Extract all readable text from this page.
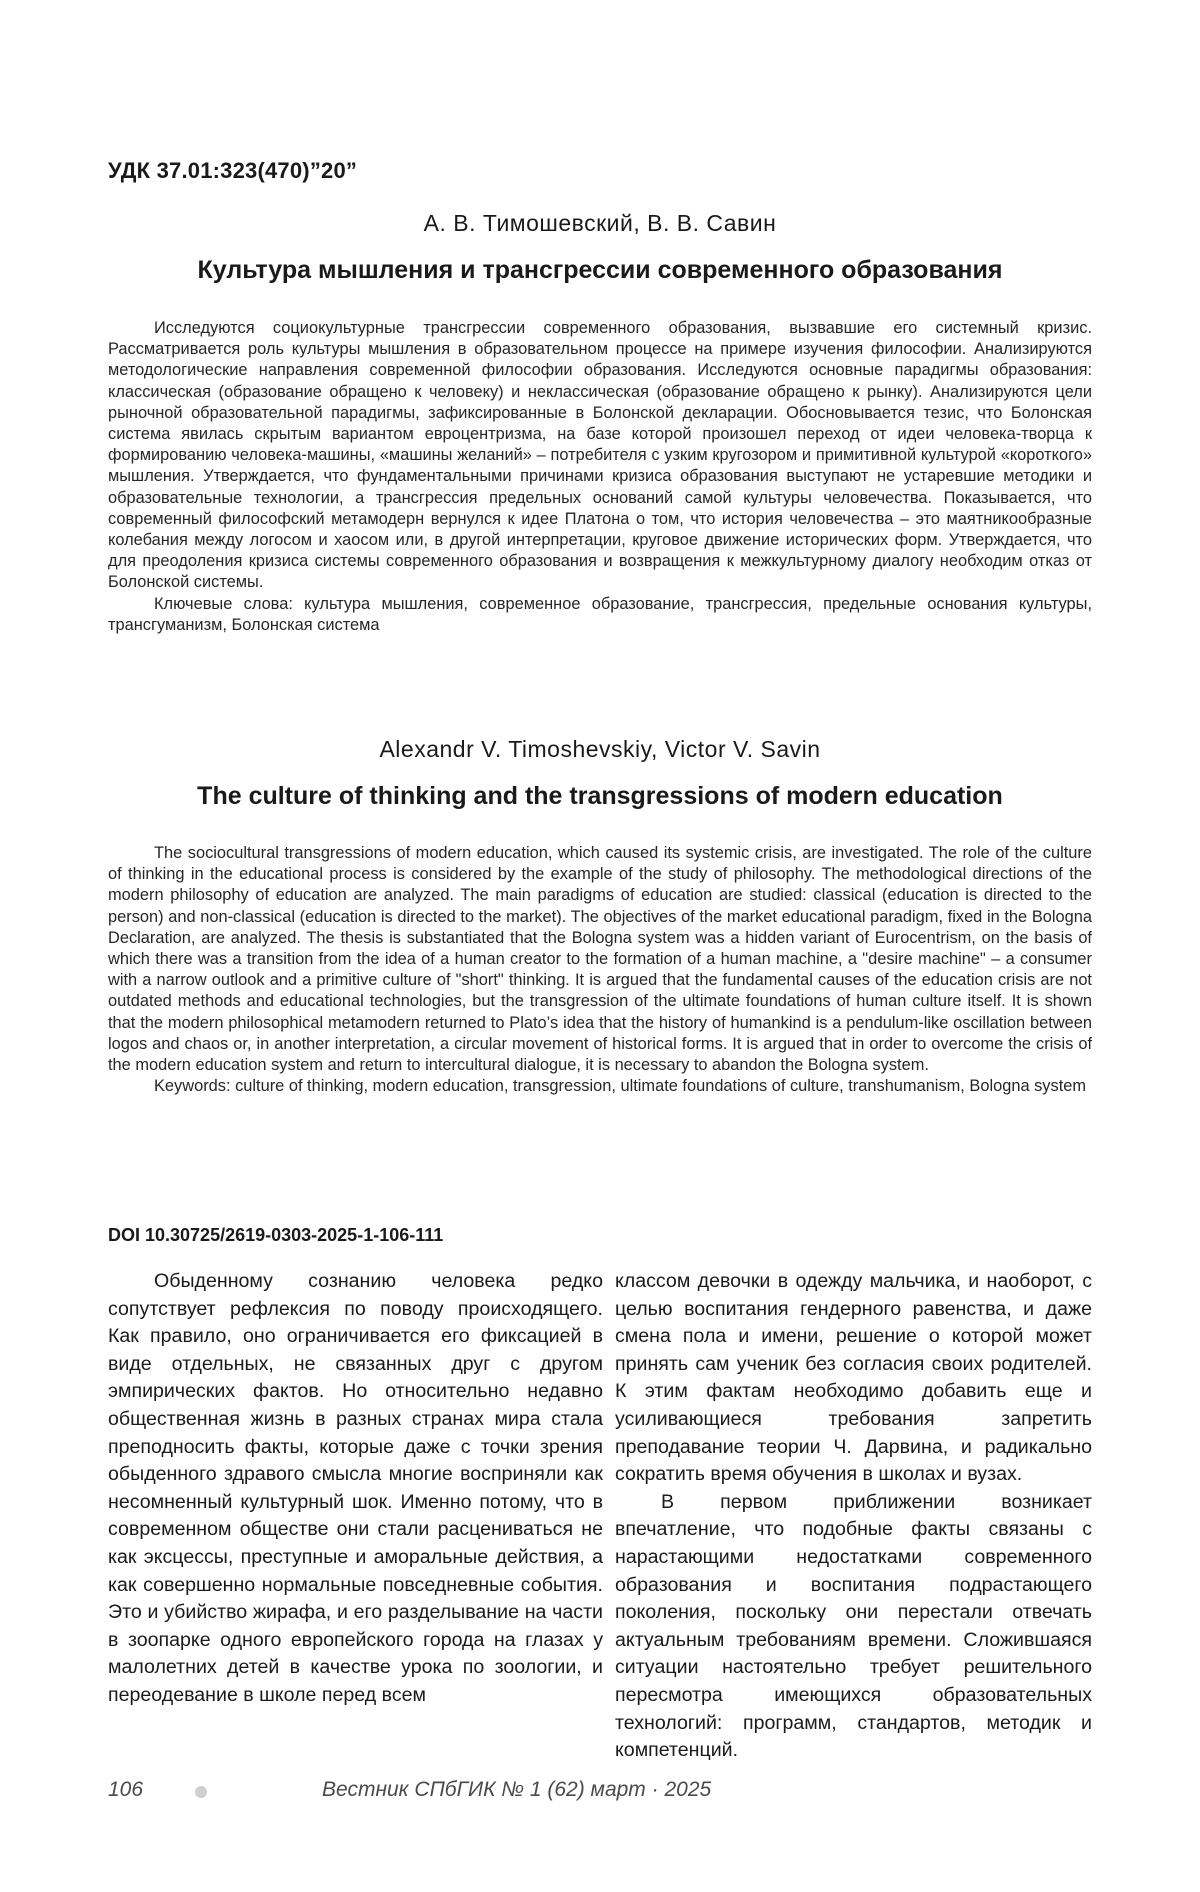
УДК 37.01:323(470)”20”
А. В. Тимошевский, В. В. Савин
Культура мышления и трансгрессии современного образования

Исследуются социокультурные трансгрессии современного образования, вызвавшие его системный кризис. Рассматривается роль культуры мышления в образовательном процессе на примере изучения философии. Анализируются методологические направления современной философии образования. Исследуются основные парадигмы образования: классическая (образование обращено к человеку) и неклассическая (образование обращено к рынку). Анализируются цели рыночной образовательной парадигмы, зафиксированные в Болонской декларации. Обосновывается тезис, что Болонская система явилась скрытым вариантом евроцентризма, на базе которой произошел переход от идеи человека-творца к формированию человека-машины, «машины желаний» – потребителя с узким кругозором и примитивной культурой «короткого» мышления. Утверждается, что фундаментальными причинами кризиса образования выступают не устаревшие методики и образовательные технологии, а трансгрессия предельных оснований самой культуры человечества. Показывается, что современный философский метамодерн вернулся к идее Платона о том, что история человечества – это маятникообразные колебания между логосом и хаосом или, в другой интерпретации, круговое движение исторических форм. Утверждается, что для преодоления кризиса системы современного образования и возвращения к межкультурному диалогу необходим отказ от Болонской системы.

Ключевые слова: культура мышления, современное образование, трансгрессия, предельные основания культуры, трансгуманизм, Болонская система

Alexandr V. Timoshevskiy, Victor V. Savin
The culture of thinking and the transgressions of modern education

The sociocultural transgressions of modern education, which caused its systemic crisis, are investigated. The role of the culture of thinking in the educational process is considered by the example of the study of philosophy. The methodological directions of the modern philosophy of education are analyzed. The main paradigms of education are studied: classical (education is directed to the person) and non-classical (education is directed to the market). The objectives of the market educational paradigm, fixed in the Bologna Declaration, are analyzed. The thesis is substantiated that the Bologna system was a hidden variant of Eurocentrism, on the basis of which there was a transition from the idea of a human creator to the formation of a human machine, a "desire machine" – a consumer with a narrow outlook and a primitive culture of "short" thinking. It is argued that the fundamental causes of the education crisis are not outdated methods and educational technologies, but the transgression of the ultimate foundations of human culture itself. It is shown that the modern philosophical metamodern returned to Plato’s idea that the history of humankind is a pendulum-like oscillation between logos and chaos or, in another interpretation, a circular movement of historical forms. It is argued that in order to overcome the crisis of the modern education system and return to intercultural dialogue, it is necessary to abandon the Bologna system.

Keywords: culture of thinking, modern education, transgression, ultimate foundations of culture, transhumanism, Bologna system

DOI 10.30725/2619-0303-2025-1-106-111

Обыденному сознанию человека редко сопутствует рефлексия по поводу происходящего. Как правило, оно ограничивается его фиксацией в виде отдельных, не связанных друг с другом эмпирических фактов. Но относительно недавно общественная жизнь в разных странах мира стала преподносить факты, которые даже с точки зрения обыденного здравого смысла многие восприняли как несомненный культурный шок. Именно потому, что в современном обществе они стали расцениваться не как эксцессы, преступные и аморальные действия, а как совершенно нормальные повседневные события. Это и убийство жирафа, и его разделывание на части в зоопарке одного европейского города на глазах у малолетних детей в качестве урока по зоологии, и переодевание в школе перед всем

классом девочки в одежду мальчика, и наоборот, с целью воспитания гендерного равенства, и даже смена пола и имени, решение о которой может принять сам ученик без согласия своих родителей. К этим фактам необходимо добавить еще и усиливающиеся требования запретить преподавание теории Ч. Дарвина, и радикально сократить время обучения в школах и вузах.

В первом приближении возникает впечатление, что подобные факты связаны с нарастающими недостатками современного образования и воспитания подрастающего поколения, поскольку они перестали отвечать актуальным требованиям времени. Сложившаяся ситуации настоятельно требует решительного пересмотра имеющихся образовательных технологий: программ, стандартов, методик и компетенций.

106	Вестник СПбГИК № 1 (62) март · 2025
